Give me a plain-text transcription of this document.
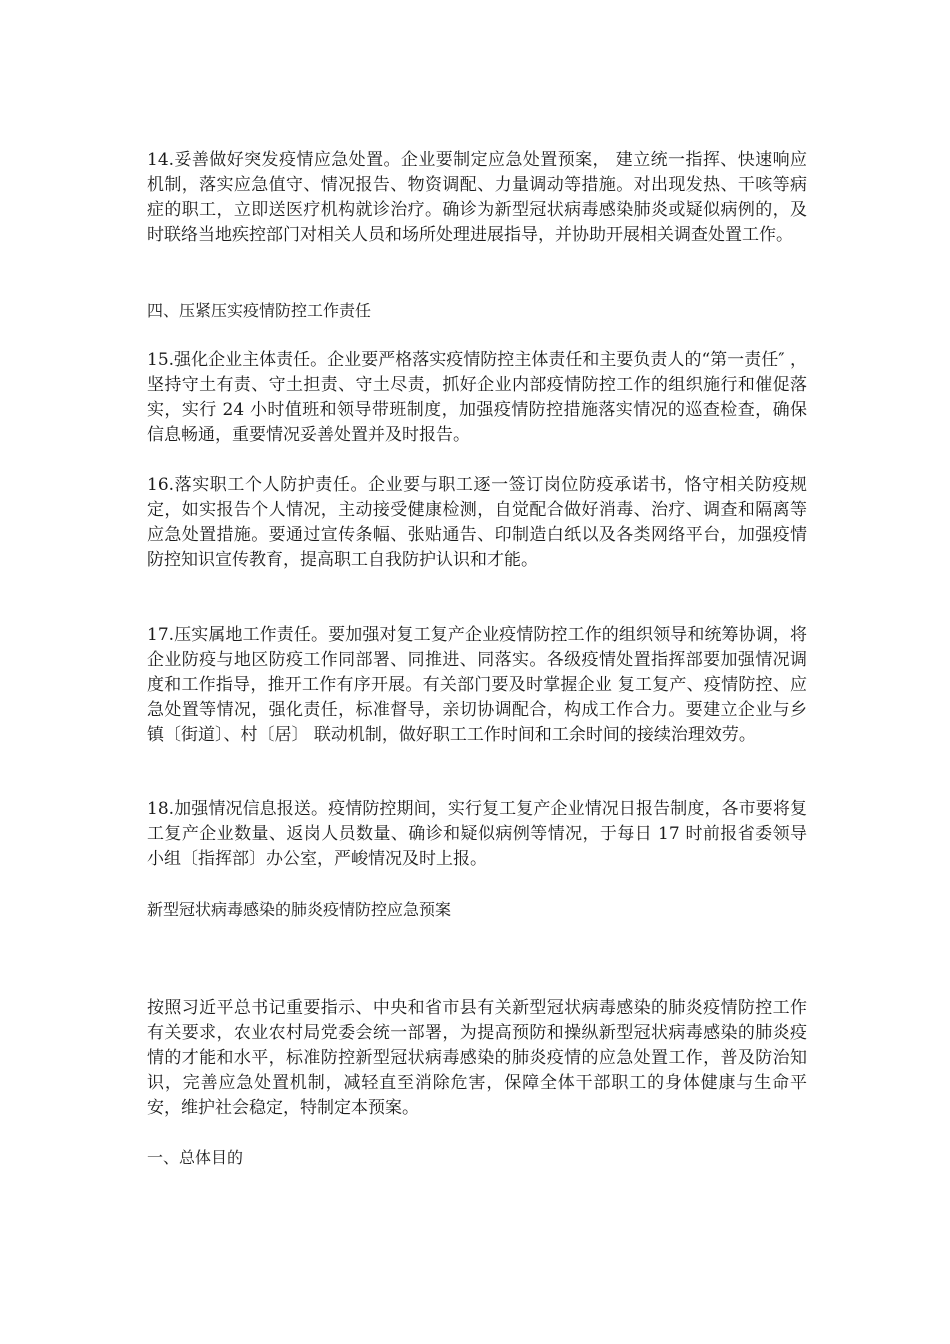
14.妥善做好突发疫情应急处置。企业要制定应急处置预案， 建立统一指挥、快速响应机制，落实应急值守、情况报告、物资调配、力量调动等措施。对出现发热、干咳等病症的职工，立即送医疗机构就诊治疗。确诊为新型冠状病毒感染肺炎或疑似病例的，及时联络当地疾控部门对相关人员和场所处理进展指导，并协助开展相关调查处置工作。

四、压紧压实疫情防控工作责任

15.强化企业主体责任。企业要严格落实疫情防控主体责任和主要负责人的“第一责任″ ，坚持守土有责、守土担责、守土尽责，抓好企业内部疫情防控工作的组织施行和催促落实，实行 24 小时值班和领导带班制度，加强疫情防控措施落实情况的巡查检查，确保信息畅通，重要情况妥善处置并及时报告。

16.落实职工个人防护责任。企业要与职工逐一签订岗位防疫承诺书，恪守相关防疫规定，如实报告个人情况，主动接受健康检测，自觉配合做好消毒、治疗、调查和隔离等应急处置措施。要通过宣传条幅、张贴通告、印制造白纸以及各类网络平台，加强疫情防控知识宣传教育，提高职工自我防护认识和才能。

17.压实属地工作责任。要加强对复工复产企业疫情防控工作的组织领导和统筹协调，将企业防疫与地区防疫工作同部署、同推进、同落实。各级疫情处置指挥部要加强情况调度和工作指导，推开工作有序开展。有关部门要及时掌握企业 复工复产、疫情防控、应急处置等情况，强化责任，标准督导，亲切协调配合，构成工作合力。要建立企业与乡镇〔街道〕、村〔居〕 联动机制，做好职工工作时间和工余时间的接续治理效劳。

18.加强情况信息报送。疫情防控期间，实行复工复产企业情况日报告制度，各市要将复工复产企业数量、返岗人员数量、确诊和疑似病例等情况，于每日 17 时前报省委领导小组〔指挥部〕办公室，严峻情况及时上报。

新型冠状病毒感染的肺炎疫情防控应急预案

按照习近平总书记重要指示、中央和省市县有关新型冠状病毒感染的肺炎疫情防控工作有关要求，农业农村局党委会统一部署，为提高预防和操纵新型冠状病毒感染的肺炎疫情的才能和水平，标准防控新型冠状病毒感染的肺炎疫情的应急处置工作，普及防治知识，完善应急处置机制，减轻直至消除危害，保障全体干部职工的身体健康与生命平安，维护社会稳定，特制定本预案。

一、总体目的
